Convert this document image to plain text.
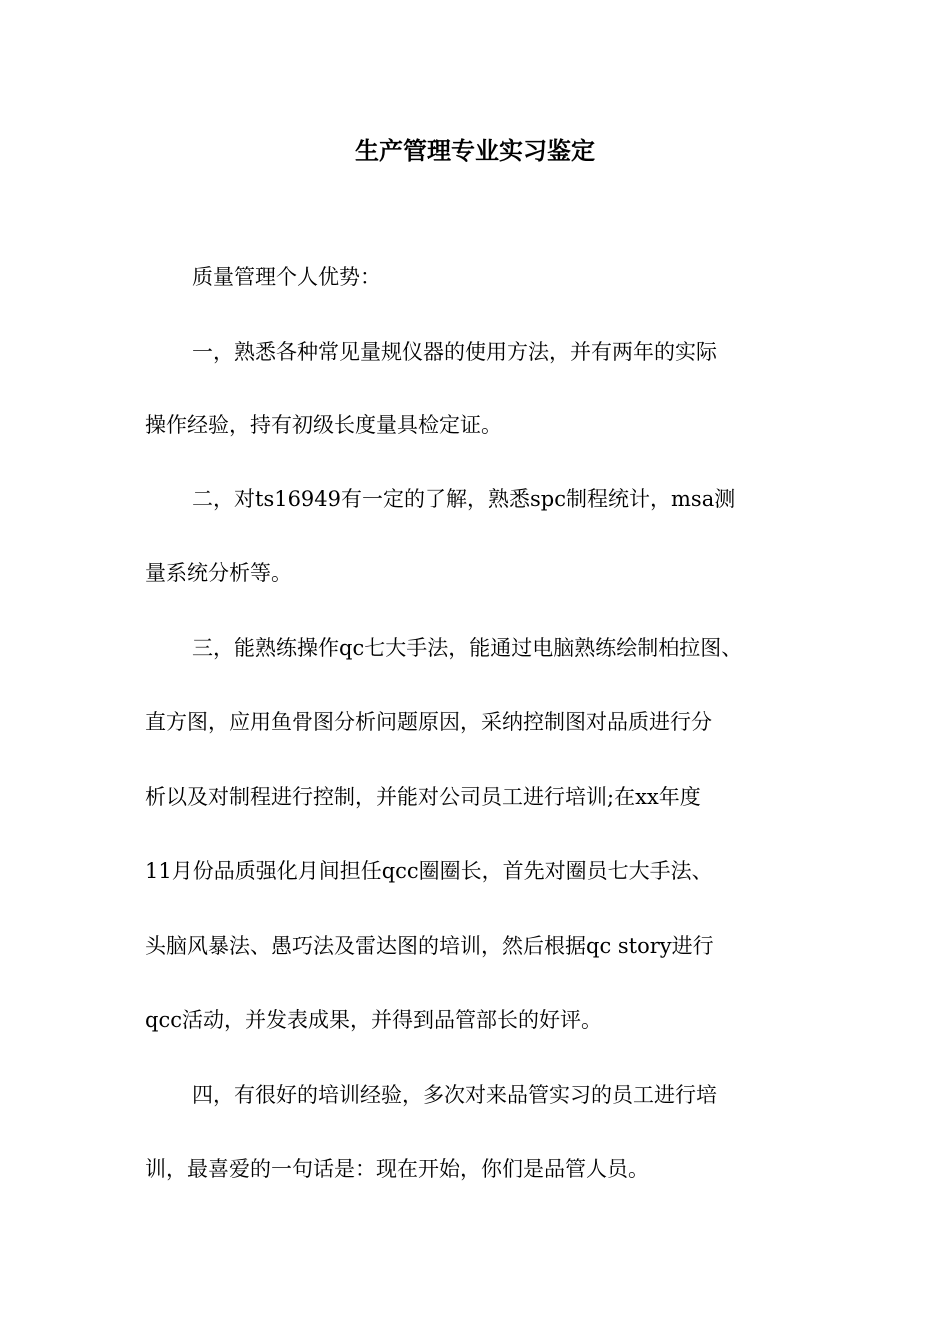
生产管理专业实习鉴定
质量管理个人优势：
一，熟悉各种常见量规仪器的使用方法，并有两年的实际
操作经验，持有初级长度量具检定证。
二，对ts16949有一定的了解，熟悉spc制程统计，msa测
量系统分析等。
三，能熟练操作qc七大手法，能通过电脑熟练绘制柏拉图、
直方图，应用鱼骨图分析问题原因，采纳控制图对品质进行分
析以及对制程进行控制，并能对公司员工进行培训;在xx年度
11月份品质强化月间担任qcc圈圈长，首先对圈员七大手法、
头脑风暴法、愚巧法及雷达图的培训，然后根据qc story进行
qcc活动，并发表成果，并得到品管部长的好评。
四，有很好的培训经验，多次对来品管实习的员工进行培
训，最喜爱的一句话是：现在开始，你们是品管人员。
